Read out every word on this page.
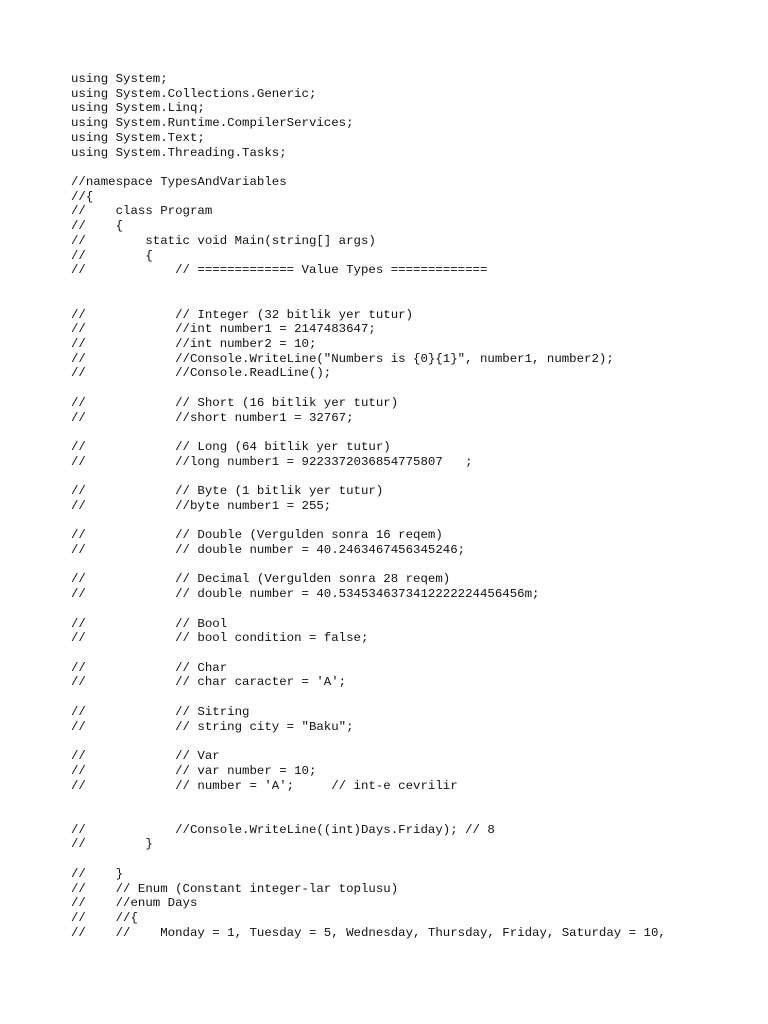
using System;
using System.Collections.Generic;
using System.Linq;
using System.Runtime.CompilerServices;
using System.Text;
using System.Threading.Tasks;
//namespace TypesAndVariables
//{
//    class Program
//    {
//        static void Main(string[] args)
//        {
//            // ============= Value Types =============
//            // Integer (32 bitlik yer tutur)
//            //int number1 = 2147483647;
//            //int number2 = 10;
//            //Console.WriteLine("Numbers is {0}{1}", number1, number2);
//            //Console.ReadLine();
//            // Short (16 bitlik yer tutur)
//            //short number1 = 32767;
//            // Long (64 bitlik yer tutur)
//            //long number1 = 9223372036854775807   ;
//            // Byte (1 bitlik yer tutur)
//            //byte number1 = 255;
//            // Double (Vergulden sonra 16 reqem)
//            // double number = 40.2463467456345246;
//            // Decimal (Vergulden sonra 28 reqem)
//            // double number = 40.5345346373412222224456456m;
//            // Bool
//            // bool condition = false;
//            // Char
//            // char caracter = 'A';
//            // Sitring
//            // string city = "Baku";
//            // Var
//            // var number = 10;
//            // number = 'A';     // int-e cevrilir
//            //Console.WriteLine((int)Days.Friday); // 8
//        }
//    }
//    // Enum (Constant integer-lar toplusu)
//    //enum Days
//    //{
//    //    Monday = 1, Tuesday = 5, Wednesday, Thursday, Friday, Saturday = 10,
